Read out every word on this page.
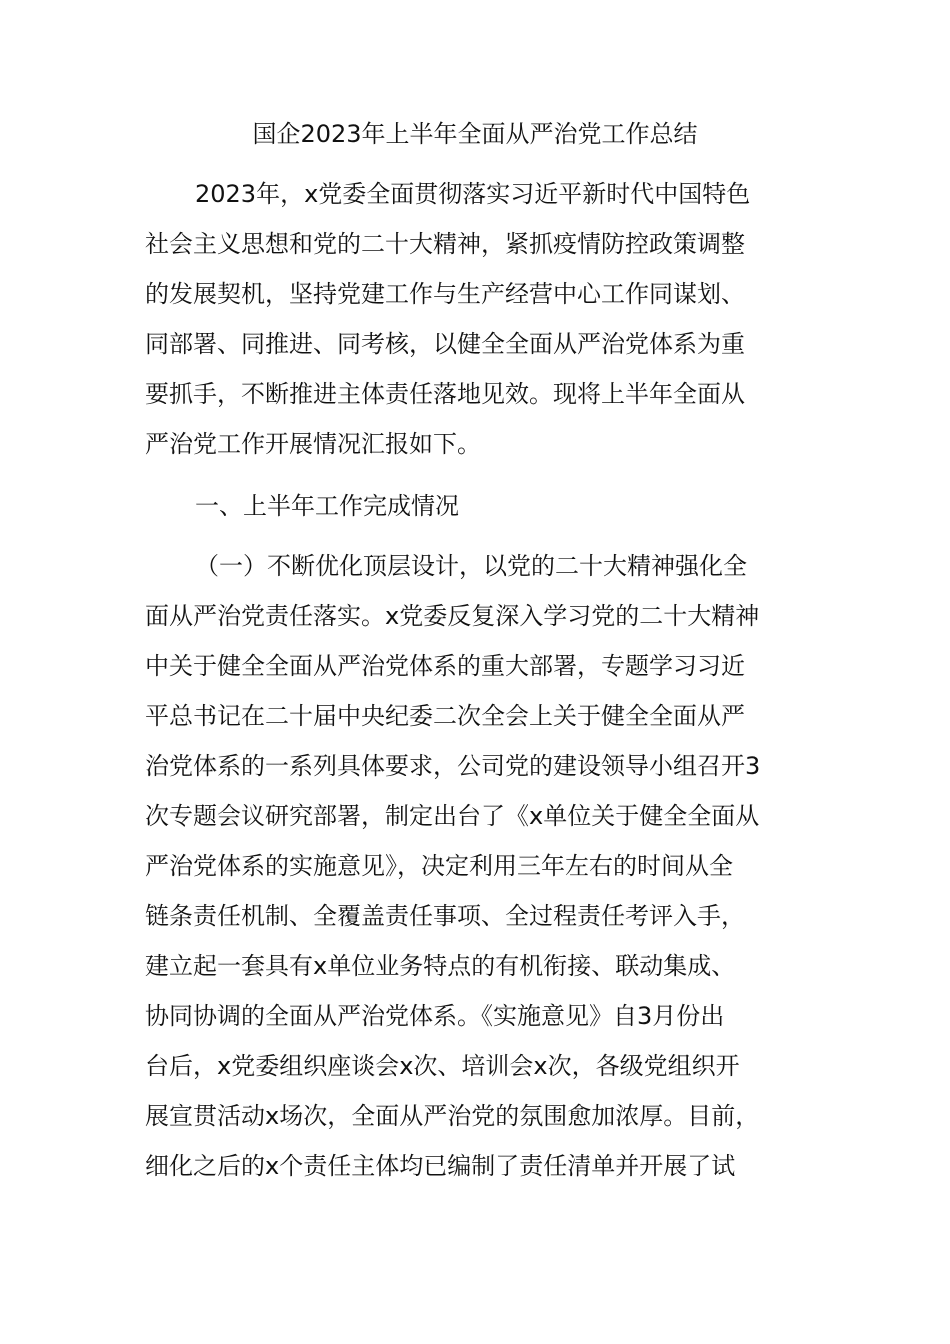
国企2023年上半年全面从严治党工作总结
2023年，x党委全面贯彻落实习近平新时代中国特色
社会主义思想和党的二十大精神，紧抓疫情防控政策调整
的发展契机，坚持党建工作与生产经营中心工作同谋划、
同部署、同推进、同考核，以健全全面从严治党体系为重
要抓手，不断推进主体责任落地见效。现将上半年全面从
严治党工作开展情况汇报如下。
一、上半年工作完成情况
（一）不断优化顶层设计，以党的二十大精神强化全
面从严治党责任落实。x党委反复深入学习党的二十大精神
中关于健全全面从严治党体系的重大部署，专题学习习近
平总书记在二十届中央纪委二次全会上关于健全全面从严
治党体系的一系列具体要求，公司党的建设领导小组召开3
次专题会议研究部署，制定出台了《x单位关于健全全面从
严治党体系的实施意见》，决定利用三年左右的时间从全
链条责任机制、全覆盖责任事项、全过程责任考评入手，
建立起一套具有x单位业务特点的有机衔接、联动集成、
协同协调的全面从严治党体系。《实施意见》自3月份出
台后，x党委组织座谈会x次、培训会x次，各级党组织开
展宣贯活动x场次，全面从严治党的氛围愈加浓厚。目前，
细化之后的x个责任主体均已编制了责任清单并开展了试
